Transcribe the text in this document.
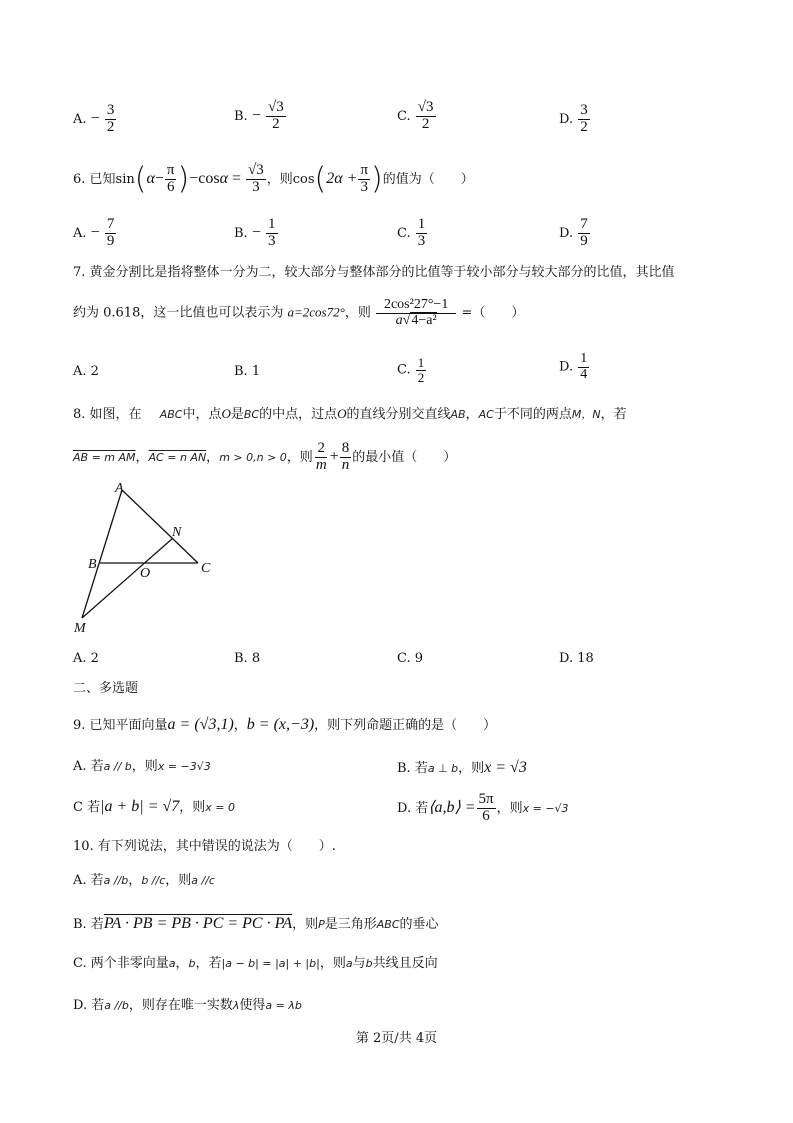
A. − $\frac{3}{2}$	B. − $\frac{√3}{2}$	C. $\frac{√3}{2}$	D. $\frac{3}{2}$
6. 已知$\sin(\alpha- \frac{\pi}{6} )-\cos\alpha = \frac{√3}{3}$ ，则$\cos(2\alpha + \frac{\pi}{3}$ )的值为（　　）
A. − $\frac{7}{9}$	B. − $\frac{1}{3}$	C. $\frac{1}{3}$	D. $\frac{7}{9}$
7. 黄金分割比是指将整体一分为二，较大部分与整体部分的比值等于较小部分与较大部分的比值，其比值
约为 0.618，这一比值也可以表示为 a=2cos72°，则 $\frac{\text{2cos²27°−1}}{\text{a√4−a²}}$ =（　　）
A. 2	B. 1	C. $\frac{1}{2}$	D. $\frac{1}{4}$
8. 如图，在 ABC中，点O是BC的中点，过点O的直线分别交直线AB，AC于不同的两点M，N，若
AB = m AM，AC = n AN，m > 0,n > 0，则 $\frac{2}{m} + \frac{8}{n}$ 的最小值（　　）
A
N
B
O	C
M
A. 2	B. 8	C. 9	D. 18
二、多选题
9. 已知平面向量a = (√3,1)，b = (x,−3)，则下列命题正确的是（　　）
A. 若a // b，则x = −3√3	B. 若a ⊥ b，则x = √3
C 若|a + b| = √7，则x = 0	D. 若⟨a,b⟩ = $\frac{5\pi}{6}$ ，则x = −√3
10. 有下列说法，其中错误的说法为（　　）.
A. 若a //b，b //c，则a //c
B. 若PA · PB = PB · PC = PC · PA，则P是三角形ABC的垂心
C. 两个非零向量a，b，若|a − b| = |a| + |b|，则a与b共线且反向
D. 若a //b，则存在唯一实数λ使得a = λb
第 2页/共 4页
